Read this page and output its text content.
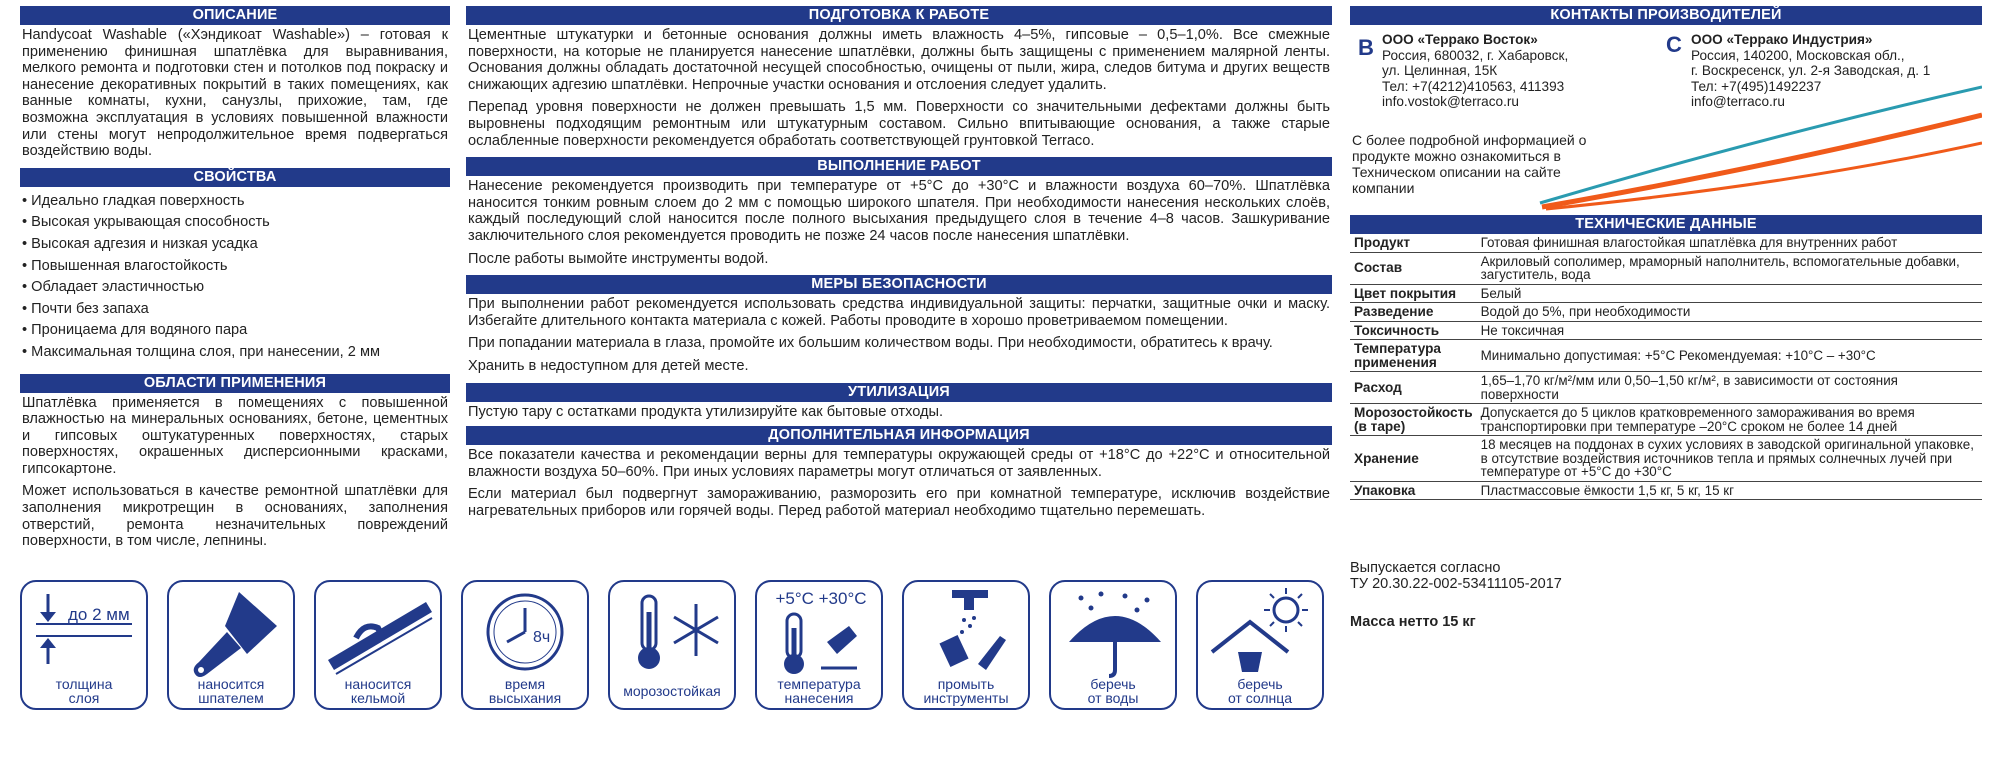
ОПИСАНИЕ

Handycoat Washable («Хэндикоат Washable») – готовая к применению финишная шпатлёвка для выравнивания, мелкого ремонта и подготовки стен и потолков под покраску и нанесение декоративных покрытий в таких помещениях, как ванные комнаты, кухни, санузлы, прихожие, там, где возможна эксплуатация в условиях повышенной влажности или стены могут непродолжительное время подвергаться воздействию воды.

СВОЙСТВА
• Идеально гладкая поверхность
• Высокая укрывающая способность
• Высокая адгезия и низкая усадка
• Повышенная влагостойкость
• Обладает эластичностью
• Почти без запаха
• Проницаема для водяного пара
• Максимальная толщина слоя, при нанесении, 2 мм
ОБЛАСТИ ПРИМЕНЕНИЯ

Шпатлёвка применяется в помещениях с повышенной влажностью на минеральных основаниях, бетоне, цементных и гипсовых оштукатуренных поверхностях, старых поверхностях, окрашенных дисперсионными красками, гипсокартоне.

Может использоваться в качестве ремонтной шпатлёвки для заполнения микротрещин в основаниях, заполнения отверстий, ремонта незначительных повреждений поверхности, в том числе, лепнины.

ПОДГОТОВКА К РАБОТЕ

Цементные штукатурки и бетонные основания должны иметь влажность 4–5%, гипсовые – 0,5–1,0%. Все смежные поверхности, на которые не планируется нанесение шпатлёвки, должны быть защищены с применением малярной ленты. Основания должны обладать достаточной несущей способностью, очищены от пыли, жира, следов битума и других веществ снижающих адгезию шпатлёвки. Непрочные участки основания и отслоения следует удалить.

Перепад уровня поверхности не должен превышать 1,5 мм. Поверхности со значительными дефектами должны быть выровнены подходящим ремонтным или штукатурным составом. Сильно впитывающие основания, а также старые ослабленные поверхности рекомендуется обработать соответствующей грунтовкой Terraco.

ВЫПОЛНЕНИЕ РАБОТ

Нанесение рекомендуется производить при температуре от +5°С до +30°С и влажности воздуха 60–70%. Шпатлёвка наносится тонким ровным слоем до 2 мм с помощью широкого шпателя. При необходимости нанесения нескольких слоёв, каждый последующий слой наносится после полного высыхания предыдущего слоя в течение 4–8 часов. Зашкуривание заключительного слоя рекомендуется проводить не позже 24 часов после нанесения шпатлёвки.

После работы вымойте инструменты водой.

МЕРЫ БЕЗОПАСНОСТИ

При выполнении работ рекомендуется использовать средства индивидуальной защиты: перчатки, защитные очки и маску. Избегайте длительного контакта материала с кожей. Работы проводите в хорошо проветриваемом помещении.

При попадании материала в глаза, промойте их большим количеством воды. При необходимости, обратитесь к врачу.

Хранить в недоступном для детей месте.

УТИЛИЗАЦИЯ

Пустую тару с остатками продукта утилизируйте как бытовые отходы.

ДОПОЛНИТЕЛЬНАЯ ИНФОРМАЦИЯ

Все показатели качества и рекомендации верны для температуры окружающей среды от +18°С до +22°С и относительной влажности воздуха 50–60%. При иных условиях параметры могут отличаться от заявленных.

Если материал был подвергнут замораживанию, разморозить его при комнатной температуре, исключив воздействие нагревательных приборов или горячей воды. Перед работой материал необходимо тщательно перемешать.

до 2 мм
толщина
слоя
наносится
шпателем
наносится
кельмой
8ч
время
высыхания	морозостойкая
+5°С +30°С
температура
нанесения
промыть
инструменты
беречь
от воды
беречь
от солнца
КОНТАКТЫ ПРОИЗВОДИТЕЛЕЙ
В ООО «Террако Восток»
Россия, 680032, г. Хабаровск,
ул. Целинная, 15К
Тел: +7(4212)410563, 411393
info.vostok@terraco.ru
С ООО «Террако Индустрия»
Россия, 140200, Московская обл.,
г. Воскресенск, ул. 2-я Заводская, д. 1
Тел: +7(495)1492237
info@terraco.ru
С более подробной информацией о продукте можно ознакомиться в Техническом описании на сайте компании
ТЕХНИЧЕСКИЕ ДАННЫЕ
Продукт	Готовая финишная влагостойкая шпатлёвка для внутренних работ
Состав	Акриловый сополимер, мраморный наполнитель, вспомогательные добавки, загуститель, вода
Цвет покрытия	Белый
Разведение	Водой до 5%, при необходимости
Токсичность	Не токсичная
Температура применения	Минимально допустимая: +5°С Рекомендуемая: +10°С – +30°С
Расход	1,65–1,70 кг/м²/мм или 0,50–1,50 кг/м², в зависимости от состояния поверхности
Морозостойкость (в таре)	Допускается до 5 циклов кратковременного замораживания во время транспортировки при температуре –20°С сроком не более 14 дней
Хранение	18 месяцев на поддонах в сухих условиях в заводской оригинальной упаковке, в отсутствие воздействия источников тепла и прямых солнечных лучей при температуре от +5°С до +30°С
Упаковка	Пластмассовые ёмкости 1,5 кг, 5 кг, 15 кг
Выпускается согласно
ТУ 20.30.22-002-53411105-2017
Масса нетто 15 кг
